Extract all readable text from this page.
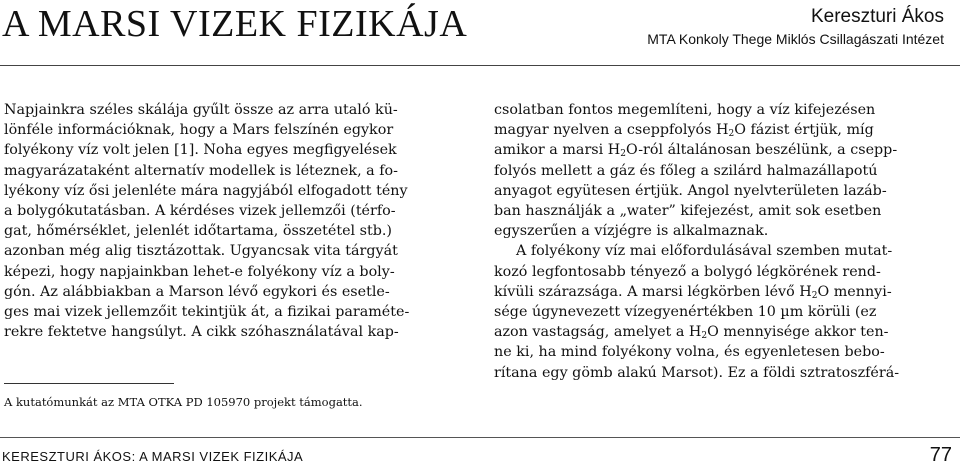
A MARSI VIZEK FIZIKÁJA	Kereszturi Ákos
MTA Konkoly Thege Miklós Csillagászati Intézet
Napjainkra széles skálája gyűlt össze az arra utaló kü-
lönféle információknak, hogy a Mars felszínén egykor
folyékony víz volt jelen [1]. Noha egyes megfigyelések
magyarázataként alternatív modellek is léteznek, a fo-
lyékony víz ősi jelenléte mára nagyjából elfogadott tény
a bolygókutatásban. A kérdéses vizek jellemzői (térfo-
gat, hőmérséklet, jelenlét időtartama, összetétel stb.)
azonban még alig tisztázottak. Ugyancsak vita tárgyát
képezi, hogy napjainkban lehet-e folyékony víz a boly-
gón. Az alábbiakban a Marson lévő egykori és esetle-
ges mai vizek jellemzőit tekintjük át, a fizikai paraméte-
rekre fektetve hangsúlyt. A cikk szóhasználatával kap-
A kutatómunkát az MTA OTKA PD 105970 projekt támogatta.
csolatban fontos megemlíteni, hogy a víz kifejezésen
magyar nyelven a cseppfolyós $H_2O$ fázist értjük, míg
amikor a marsi $H_2O$-ról általánosan beszélünk, a csepp-
folyós mellett a gáz és főleg a szilárd halmazállapotú
anyagot együtesen értjük. Angol nyelvterületen lazáb-
ban használják a „water” kifejezést, amit sok esetben
egyszerűen a vízjégre is alkalmaznak.
A folyékony víz mai előfordulásával szemben mutat-
kozó legfontosabb tényező a bolygó légkörének rend-
kívüli szárazsága. A marsi légkörben lévő $H_2O$ mennyi-
sége úgynevezett vízegyenértékben 10 µm körüli (ez
azon vastagság, amelyet a $H_2O$ mennyisége akkor ten-
ne ki, ha mind folyékony volna, és egyenletesen bebo-
rítana egy gömb alakú Marsot). Ez a földi sztratoszférá-
KERESZTURI ÁKOS: A MARSI VIZEK FIZIKÁJA	77
